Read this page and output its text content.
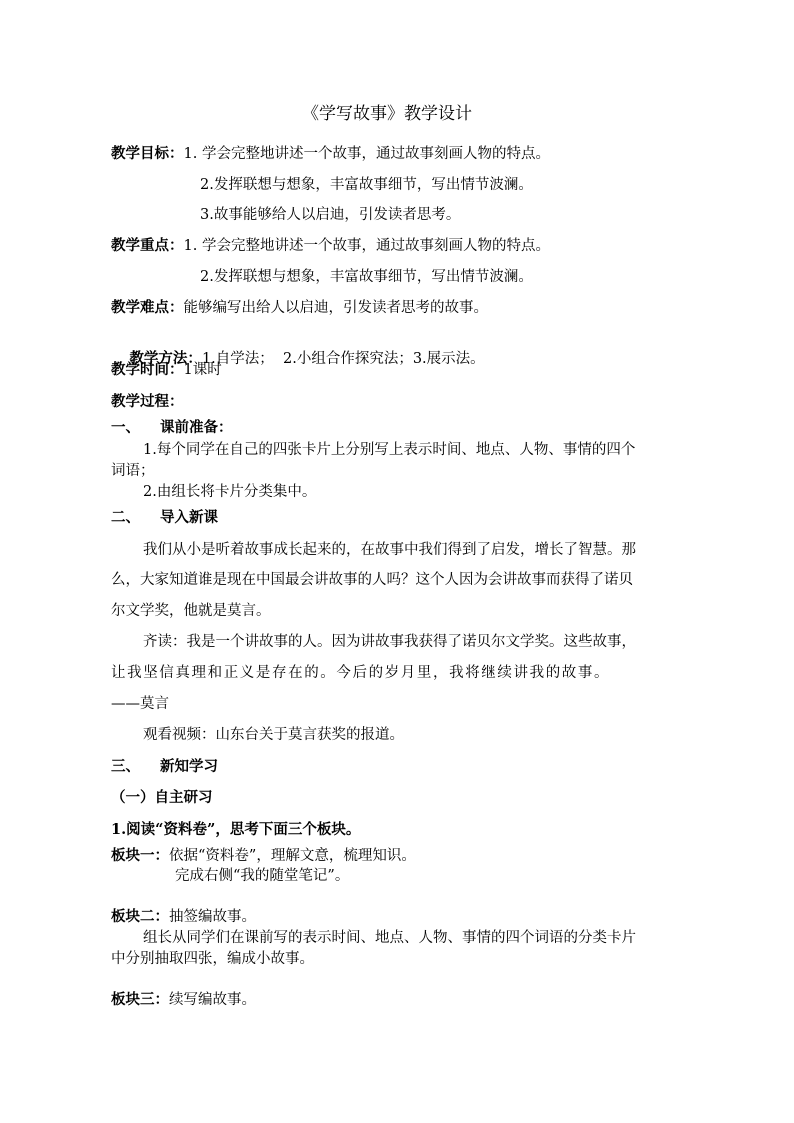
《学写故事》教学设计
教学目标：1. 学会完整地讲述一个故事，通过故事刻画人物的特点。
2.发挥联想与想象，丰富故事细节，写出情节波澜。
3.故事能够给人以启迪，引发读者思考。
教学重点：1. 学会完整地讲述一个故事，通过故事刻画人物的特点。
2.发挥联想与想象，丰富故事细节，写出情节波澜。
教学难点：能够编写出给人以启迪，引发读者思考的故事。

教学方法：1.自学法；  2.小组合作探究法；3.展示法。

教学时间：1课时
教学过程：
一、 课前准备：
1.每个同学在自己的四张卡片上分别写上表示时间、地点、人物、事情的四个
词语；
2.由组长将卡片分类集中。
二、 导入新课
我们从小是听着故事成长起来的，在故事中我们得到了启发，增长了智慧。那
么，大家知道谁是现在中国最会讲故事的人吗？这个人因为会讲故事而获得了诺贝
尔文学奖，他就是莫言。
齐读：我是一个讲故事的人。因为讲故事我获得了诺贝尔文学奖。这些故事，
让我坚信真理和正义是存在的。今后的岁月里，我将继续讲我的故事。
——莫言
观看视频：山东台关于莫言获奖的报道。
三、 新知学习
（一）自主研习
1.阅读“资料卷”，思考下面三个板块。
板块一：依据“资料卷”，理解文意，梳理知识。
完成右侧“我的随堂笔记”。
板块二：抽签编故事。
组长从同学们在课前写的表示时间、地点、人物、事情的四个词语的分类卡片
中分别抽取四张，编成小故事。
板块三：续写编故事。
